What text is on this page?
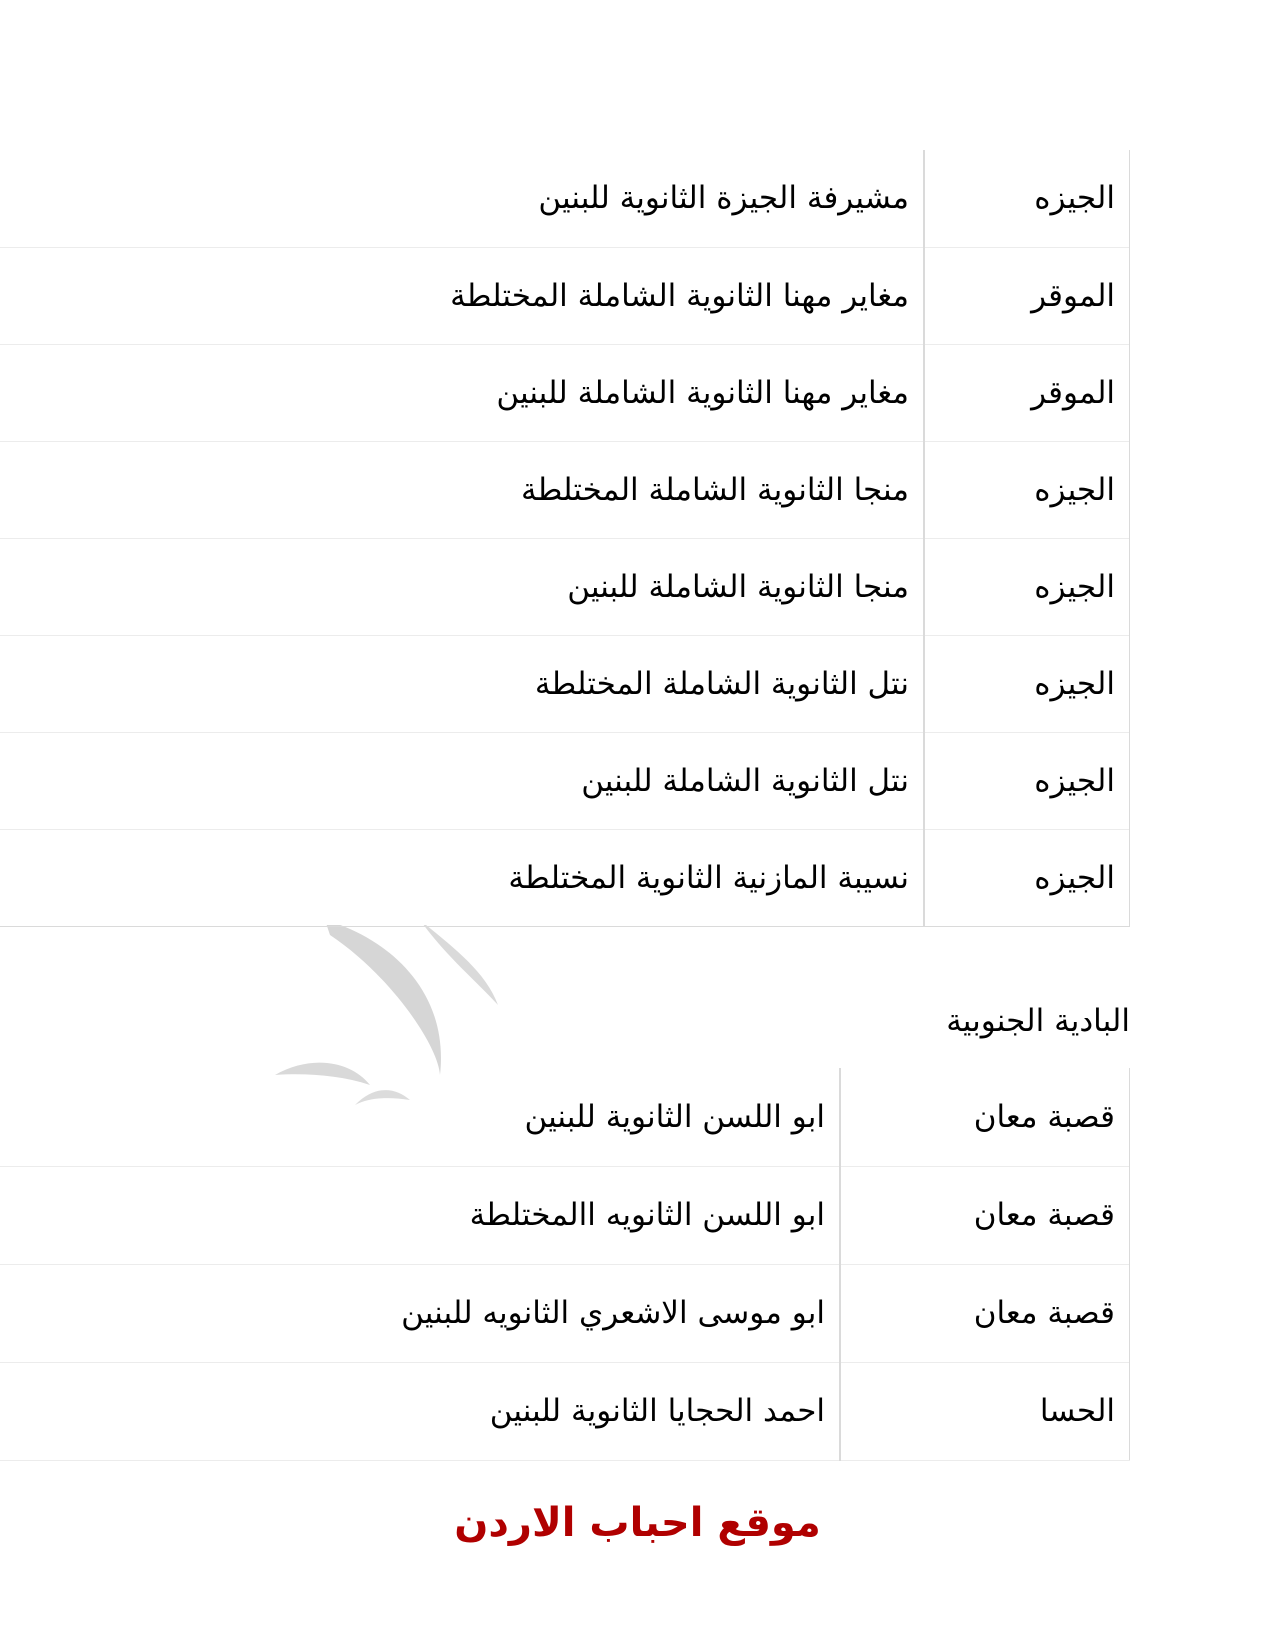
الجيزه	مشيرفة الجيزة الثانوية للبنين
الموقر	مغاير مهنا الثانوية الشاملة المختلطة
الموقر	مغاير مهنا الثانوية الشاملة للبنين
الجيزه	منجا الثانوية الشاملة المختلطة
الجيزه	منجا الثانوية الشاملة للبنين
الجيزه	نتل الثانوية الشاملة المختلطة
الجيزه	نتل الثانوية الشاملة للبنين
الجيزه	نسيبة المازنية الثانوية المختلطة
البادية الجنوبية
قصبة معان	ابو اللسن الثانوية للبنين
قصبة معان	ابو اللسن الثانويه االمختلطة
قصبة معان	ابو موسى الاشعري الثانويه للبنين
الحسا	احمد الحجايا الثانوية للبنين
موقع احباب الاردن
